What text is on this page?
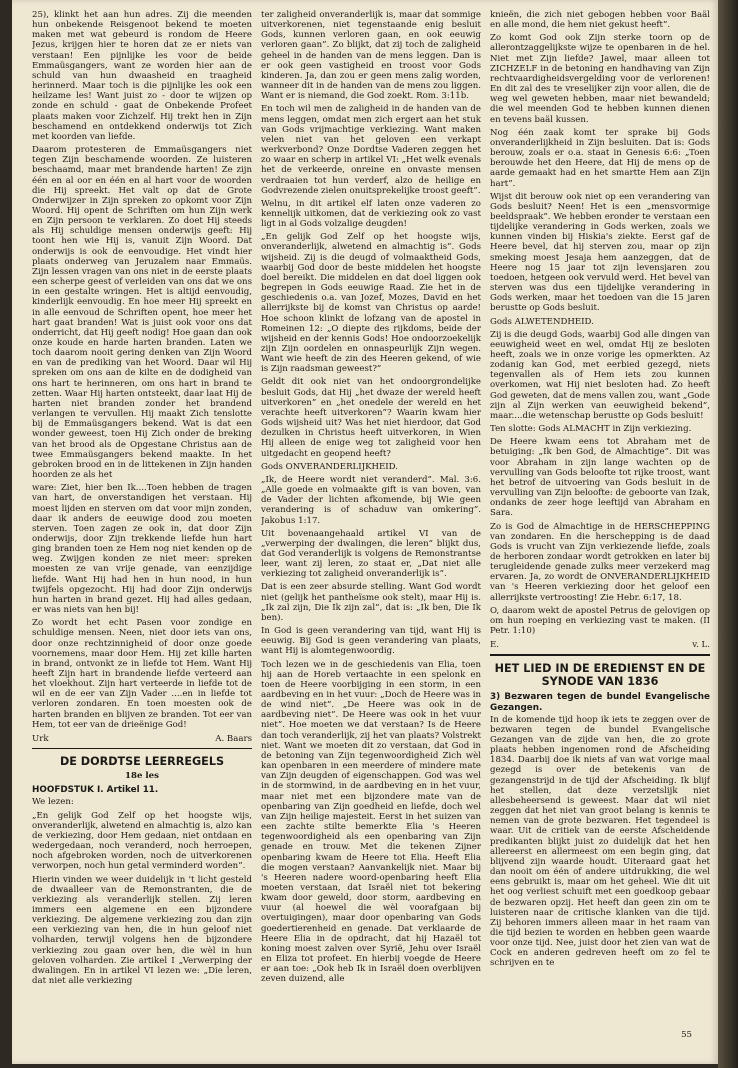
25), klinkt het aan hun adres. Zij die meenden hun onbekende Reisgenoot bekend te moeten maken met wat gebeurd is rondom de Heere Jezus, krijgen hier te horen dat ze er niets van verstaan! Een pijnlijke les voor de beide Emmaüsgangers, want ze worden hier aan de schuld van hun dwaasheid en traagheid herinnerd. Maar toch is die pijnlijke les ook een heilzame les! Want juist zo - door te wijzen op zonde en schuld - gaat de Onbekende Profeet plaats maken voor Zichzelf. Hij trekt hen in Zijn beschamend en ontdekkend onderwijs tot Zich met koorden van liefde.

Daarom protesteren de Emmaüsgangers niet tegen Zijn beschamende woorden. Ze luisteren beschaamd, maar met brandende harten! Ze zijn één en al oor en één en al hart voor de woorden die Hij spreekt. Het valt op dat de Grote Onderwijzer in Zijn spreken zo opkomt voor Zijn Woord. Hij opent de Schriften om hun Zijn werk en Zijn persoon te verklaren. Zo doet Hij steeds als Hij schuldige mensen onderwijs geeft: Hij toont hen wie Hij is, vanuit Zijn Woord. Dat onderwijs is ook de eenvoudige. Het vindt hier plaats onderweg van Jeruzalem naar Emmaüs. Zijn lessen vragen van ons niet in de eerste plaats een scherpe geest of verleiden van ons dat we ons in een gestalte wringen. Het is altijd eenvoudig, kinderlijk eenvoudig. En hoe meer Hij spreekt en in alle eenvoud de Schriften opent, hoe meer het hart gaat branden! Wat is juist ook voor ons dat onderricht, dat Hij geeft nodig! Hoe gaan dan ook onze koude en harde harten branden. Laten we toch daarom nooit gering denken van Zijn Woord en van de prediking van het Woord. Daar wil Hij spreken om ons aan de kilte en de dodigheid van ons hart te herinneren, om ons hart in brand te zetten. Waar Hij harten ontsteekt, daar laat Hij de harten niet branden zonder het brandend verlangen te vervullen. Hij maakt Zich tenslotte bij de Emmaüsgangers bekend. Wat is dat een wonder geweest, toen Hij Zich onder de breking van het brood als de Opgestane Christus aan de twee Emmaüsgangers bekend maakte. In het gebroken brood en in de littekenen in Zijn handen hoorden ze als het

ware: Ziet, hier ben Ik....Toen hebben de tragen van hart, de onverstandigen het verstaan. Hij moest lijden en sterven om dat voor mijn zonden, daar ik anders de eeuwige dood zou moeten sterven. Toen zagen ze ook in, dat door Zijn onderwijs, door Zijn trekkende liefde hun hart ging branden toen ze Hem nog niet kenden op de weg. Zwijgen konden ze niet meer: spreken moesten ze van vrije genade, van eenzijdige liefde. Want Hij had hen in hun nood, in hun twijfels opgezocht. Hij had door Zijn onderwijs hun harten in brand gezet. Hij had alles gedaan, er was niets van hen bij!

Zo wordt het echt Pasen voor zondige en schuldige mensen. Neen, niet door iets van ons, door onze rechtzinnigheid of door onze goede voornemens, maar door Hem. Hij zet kille harten in brand, ontvonkt ze in liefde tot Hem. Want Hij heeft Zijn hart in brandende liefde verteerd aan het vloekhout. Zijn hart verteerde in liefde tot de wil en de eer van Zijn Vader ....en in liefde tot verloren zondaren. En toen moesten ook de harten branden en blijven ze branden. Tot eer van Hem, tot eer van de drieënige God!

Urk	A. Baars
DE DORDTSE LEERREGELS
18e les
HOOFDSTUK I. Artikel 11.

We lezen:

„En gelijk God Zelf op het hoogste wijs, onveranderlijk, alwetend en almachtig is, alzo kan de verkiezing, door Hem gedaan, niet ontdaan en wedergedaan, noch veranderd, noch herroepen, noch afgebroken worden, noch de uitverkorenen verworpen, noch hun getal verminderd worden”.

Hierin vinden we weer duidelijk in 't licht gesteld de dwaalleer van de Remonstranten, die de verkiezing als veranderlijk stellen. Zij leren immers een algemene en een bijzondere verkiezing. De algemene verkiezing zou dan zijn een verkiezing van hen, die in hun geloof niet volharden, terwijl volgens hen de bijzondere verkiezing zou gaan over hen, die wèl in hun geloven volharden. Zie artikel I „Verwerping der dwalingen. En in artikel VI lezen we: „Die leren, dat niet alle verkiezing

ter zaligheid onveranderlijk is, maar dat sommige uitverkorenen, niet tegenstaande enig besluit Gods, kunnen verloren gaan, en ook eeuwig verloren gaan”. Zo blijkt, dat zij toch de zaligheid geheel in de handen van de mens leggen. Dan is er ook geen vastigheid en troost voor Gods kinderen. Ja, dan zou er geen mens zalig worden, wanneer dit in de handen van de mens zou liggen. Want er is niemand, die God zoekt. Rom. 3:11b.

En toch wil men de zaligheid in de handen van de mens leggen, omdat men zich ergert aan het stuk van Gods vrijmachtige verkiezing. Want maken velen niet van het geloven een verkapt werkverbond? Onze Dordtse Vaderen zeggen het zo waar en scherp in artikel VI: „Het welk evenals het de verkeerde, onreine en onvaste mensen verdraaien tot hun verderf, alzo de heilige en Godvrezende zielen onuitsprekelijke troost geeft”.

Welnu, in dit artikel elf laten onze vaderen zo kennelijk uitkomen, dat de verkiezing ook zo vast ligt in al Gods volzalige deugden!

„En gelijk God Zelf op het hoogste wijs, onveranderlijk, alwetend en almachtig is”. Gods wijsheid. Zij is die deugd of volmaaktheid Gods, waarbij God door de beste middelen het hoogste doel bereikt. Die middelen en dat doel liggen ook begrepen in Gods eeuwige Raad. Zie het in de geschiedenis o.a. van Jozef, Mozes, David en het allerrijkste bij de komst van Christus op aarde! Hoe schoon klinkt de lofzang van de apostel in Romeinen 12: „O diepte des rijkdoms, beide der wijsheid en der kennis Gods! Hoe ondoorzoekelijk zijn Zijn oordelen en onnaspeurlijk Zijn wegen. Want wie heeft de zin des Heeren gekend, of wie is Zijn raadsman geweest?”

Geldt dit ook niet van het ondoorgrondelijke besluit Gods, dat Hij „het dwaze der wereld heeft uitverkoren” en „het onedele der wereld en het verachte heeft uitverkoren”? Waarin kwam hier Gods wijsheid uit? Was het niet hierdoor, dat God dezulken in Christus heeft uitverkoren, in Wien Hij alleen de enige weg tot zaligheid voor hen uitgedacht en geopend heeft?

Gods ONVERANDERLIJKHEID.

„Ik, de Heere wordt niet veranderd”. Mal. 3:6. „Alle goede en volmaakte gift is van boven, van de Vader der lichten afkomende, bij Wie geen verandering is of schaduw van omkering”. Jakobus 1:17.

Uit bovenaangehaald artikel VI van de „verwerping der dwalingen, die leren” blijkt dus, dat God veranderlijk is volgens de Remonstrantse leer, want zij leren, zo staat er, „Dat niet alle verkiezing tot zaligheid onveranderlijk is”.

Dat is een zeer absurde stelling. Want God wordt niet (gelijk het pantheïsme ook stelt), maar Hij is. „Ik zal zijn, Die Ik zijn zal”, dat is: „Ik ben, Die Ik ben).

In God is geen verandering van tijd, want Hij is eeuwig. Bij God is geen verandering van plaats, want Hij is alomtegenwoordig.

Toch lezen we in de geschiedenis van Elia, toen hij aan de Horeb vertaachte in een spelonk en toen de Heere voorbijging in een storm, in een aardbeving en in het vuur: „Doch de Heere was in de wind niet”. „De Heere was ook in de aardbeving niet”. De Heere was ook in het vuur niet”. Hoe moeten we dat verstaan? Is de Heere dan toch veranderlijk, zij het van plaats? Volstrekt niet. Want we moeten dit zo verstaan, dat God in de betoning van Zijn tegenwoordigheid Zich wèl kan openbaren in een meerdere of mindere mate van Zijn deugden of eigenschappen. God was wel in de stormwind, in de aardbeving en in het vuur, maar niet met een bijzondere mate van de openbaring van Zijn goedheid en liefde, doch wel van Zijn heilige majesteit. Eerst in het suizen van een zachte stilte bemerkte Elia 's Heeren tegenwoordigheid als een openbaring van Zijn genade en trouw. Met die tekenen Zijner openbaring kwam de Heere tot Elia. Heeft Elia die mogen verstaan? Aanvankelijk niet. Maar bij 's Heeren nadere woord-openbaring heeft Elia moeten verstaan, dat Israël niet tot bekering kwam door geweld, door storm, aardbeving en vuur (al hoewel die wèl voorafgaan bij overtuigingen), maar door openbaring van Gods goedertierenheid en genade. Dat verklaarde de Heere Elia in de opdracht, dat hij Hazaël tot koning moest zalven over Syrië, Jehu over Israël en Eliza tot profeet. En hierbij voegde de Heere er aan toe: „Ook heb Ik in Israël doen overblijven zeven duizend, alle

knieën, die zich niet gebogen hebben voor Baäl en alle mond, die hem niet gekust heeft”.

Zo komt God ook Zijn sterke toorn op de allerontzaggelijkste wijze te openbaren in de hel. Niet met Zijn liefde? Jawel, maar alleen tot ZICHZELF in de betoning en handhaving van Zijn rechtvaardigheidsvergelding voor de verlorenen! En dit zal des te vreselijker zijn voor allen, die de weg wel geweten hebben, maar niet bewandeld; die wel meenden God te hebben kunnen dienen en tevens baäl kussen.

Nog één zaak komt ter sprake bij Gods onveranderlijkheid in Zijn besluiten. Dat is: Gods berouw, zoals er o.a. staat in Genesis 6:6: „Toen berouwde het den Heere, dat Hij de mens op de aarde gemaakt had en het smartte Hem aan Zijn hart”.

Wijst dit berouw ook niet op een verandering van Gods besluit? Neen! Het is een „mensvormige beeldspraak”. We hebben eronder te verstaan een tijdelijke verandering in Gods werken, zoals we kunnen vinden bij Hiskia's ziekte. Eerst gaf de Heere bevel, dat hij sterven zou, maar op zijn smeking moest Jesaja hem aanzeggen, dat de Heere nog 15 jaar tot zijn levensjaren zou toedoen, hetgeen ook vervuld werd. Het bevel van sterven was dus een tijdelijke verandering in Gods werken, maar het toedoen van die 15 jaren berustte op Gods besluit.

Gods ALWETENDHEID.

Zij is die deugd Gods, waarbij God alle dingen van eeuwigheid weet en wel, omdat Hij ze besloten heeft, zoals we in onze vorige les opmerkten. Az zodanig kan God, met eerbied gezegd, niets tegenvallen als of Hem iets zou kunnen overkomen, wat Hij niet besloten had. Zo heeft God geweten, dat de mens vallen zou, want „Gode zijn al Zijn werken van eeuwigheid bekend”, maar....die wetenschap berustte op Gods besluit!

Ten slotte: Gods ALMACHT in Zijn verkiezing.

De Heere kwam eens tot Abraham met de betuiging: „Ik ben God, de Almachtige”. Dit was voor Abraham in zijn lange wachten op de vervulling van Gods beloofte tot rijke troost, want het betrof de uitvoering van Gods besluit in de vervulling van Zijn beloofte: de geboorte van Izak, ondanks de zeer hoge leeftijd van Abraham en Sara.

Zo is God de Almachtige in de HERSCHEPPING van zondaren. En die herschepping is de daad Gods is vrucht van Zijn verkiezende liefde, zoals de herboren zondaar wordt getrokken en later bij terugleidende genade zulks meer verzekerd mag ervaren. Ja, zo wordt de ONVERANDERLIJKHEID van 's Heeren verkiezing door het geloof een allerrijkste vertroosting! Zie Hebr. 6:17, 18.

O, daarom wekt de apostel Petrus de gelovigen op om hun roeping en verkiezing vast te maken. (II Petr. 1:10)

E.	v. L.
HET LIED IN DE EREDIENST EN DE SYNODE VAN 1836
3) Bezwaren tegen de bundel Evangelische Gezangen.

In de komende tijd hoop ik iets te zeggen over de bezwaren tegen de bundel Evangelische Gezangen van de zijde van hen, die zo grote plaats hebben ingenomen rond de Afscheiding 1834. Daarbij doe ik niets af van wat vorige maal gezegd is over de betekenis van de gezangenstrijd in de tijd der Afscheiding. Ik blijf het stellen, dat deze verzetslijk niet allesbeheersend is geweest. Maar dat wil niet zeggen dat het niet van groot belang is kennis te nemen van de grote bezwaren. Het tegendeel is waar. Uit de critiek van de eerste Afscheidende predikanten blijkt juist zo duidelijk dat het hen allereerst en allermeest om een begin ging, dat blijvend zijn waarde houdt. Uiteraard gaat het dan nooit om één of andere uitdrukking, die wel eens gebruikt is, maar om het geheel. Wie dit uit het oog verliest schuift met een goedkoop gebaar de bezwaren opzij. Het heeft dan geen zin om te luisteren naar de critische klanken van die tijd. Zij behoren immers alleen maar in het raam van die tijd bezien te worden en hebben geen waarde voor onze tijd. Nee, juist door het zien van wat de Cock en anderen gedreven heeft om zo fel te schrijven en te

55
